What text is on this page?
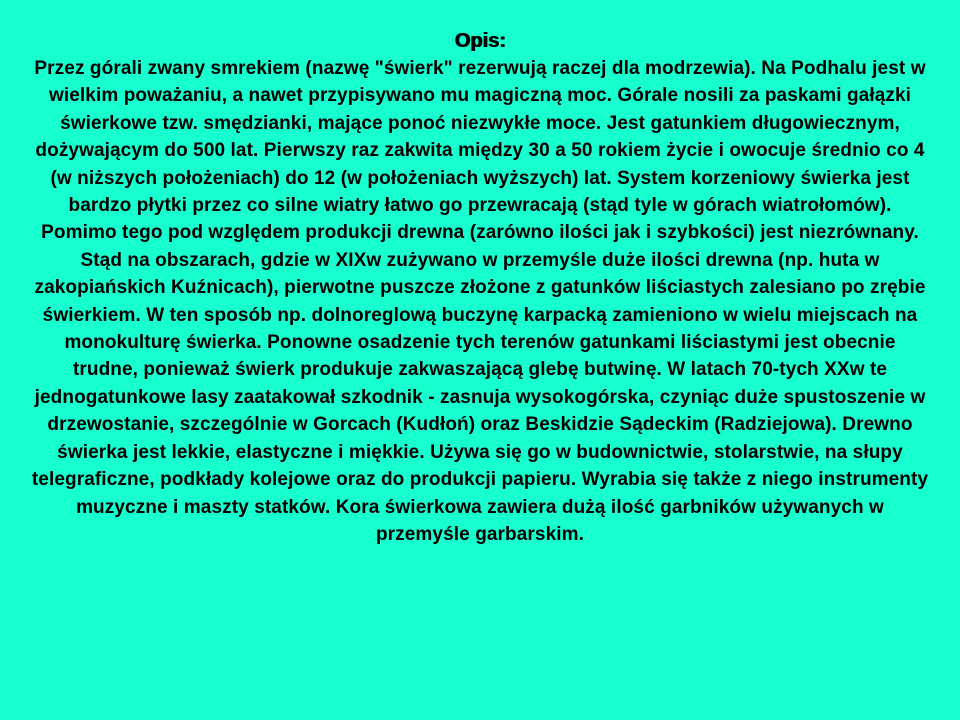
Opis:

Przez górali zwany smrekiem (nazwę "świerk" rezerwują raczej dla modrzewia). Na Podhalu jest w wielkim poważaniu, a nawet przypisywano mu magiczną moc. Górale nosili za paskami gałązki świerkowe tzw. smędzianki, mające ponoć niezwykłe moce. Jest gatunkiem długowiecznym, dożywającym do 500 lat. Pierwszy raz zakwita między 30 a 50 rokiem życie i owocuje średnio co 4 (w niższych położeniach) do 12 (w położeniach wyższych) lat. System korzeniowy świerka jest bardzo płytki przez co silne wiatry łatwo go przewracają (stąd tyle w górach wiatrołomów). Pomimo tego pod względem produkcji drewna (zarówno ilości jak i szybkości) jest niezrównany. Stąd na obszarach, gdzie w XIXw zużywano w przemyśle duże ilości drewna (np. huta w zakopiańskich Kuźnicach), pierwotne puszcze złożone z gatunków liściastych zalesiano po zrębie świerkiem. W ten sposób np. dolnoreglową buczynę karpacką zamieniono w wielu miejscach na monokulturę świerka. Ponowne osadzenie tych terenów gatunkami liściastymi jest obecnie trudne, ponieważ świerk produkuje zakwaszającą glebę butwinę. W latach 70-tych XXw te jednogatunkowe lasy zaatakował szkodnik - zasnuja wysokogórska, czyniąc duże spustoszenie w drzewostanie, szczególnie w Gorcach (Kudłoń) oraz Beskidzie Sądeckim (Radziejowa). Drewno świerka jest lekkie, elastyczne i miękkie. Używa się go w budownictwie, stolarstwie, na słupy telegraficzne, podkłady kolejowe oraz do produkcji papieru. Wyrabia się także z niego instrumenty muzyczne i maszty statków. Kora świerkowa zawiera dużą ilość garbników używanych w przemyśle garbarskim.
